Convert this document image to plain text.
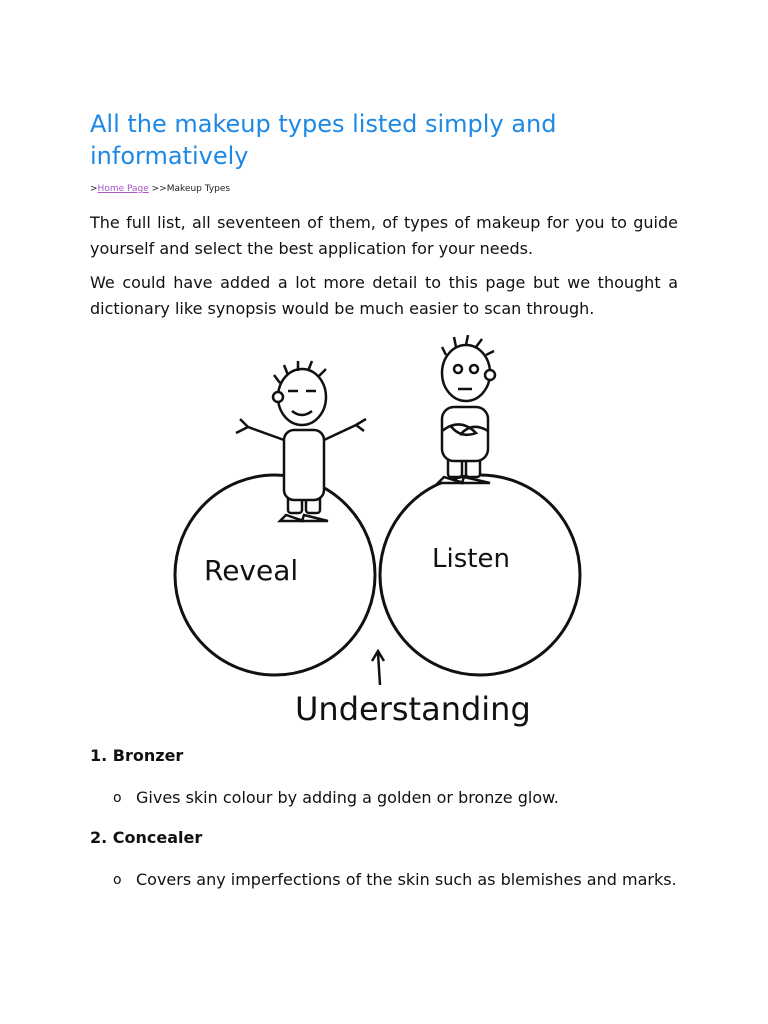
All the makeup types listed simply and informatively
>Home Page >>Makeup Types

The full list, all seventeen of them, of types of makeup for you to guide yourself and select the best application for your needs.

We could have added a lot more detail to this page but we thought a dictionary like synopsis would be much easier to scan through.

Reveal	Listen
Understanding

1. Bronzer

o Gives skin colour by adding a golden or bronze glow.

2. Concealer

o Covers any imperfections of the skin such as blemishes and marks.
